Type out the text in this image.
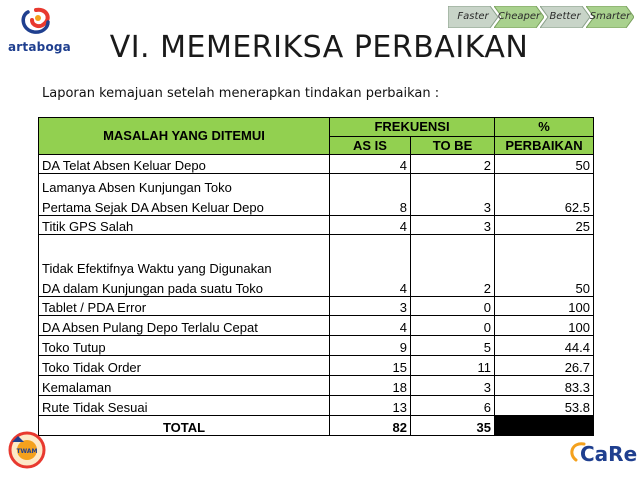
artaboga
Faster Cheaper Better Smarter
VI. MEMERIKSA PERBAIKAN
Laporan kemajuan setelah menerapkan tindakan perbaikan :
MASALAH YANG DITEMUI	FREKUENSI		%
	AS IS	TO BE	PERBAIKAN

DA Telat Absen Keluar Depo	4	2	50

Lamanya Absen Kunjungan Toko
Pertama Sejak DA Absen Keluar Depo	8	3	62.5

Titik GPS Salah	4	3	25

Tidak Efektifnya Waktu yang Digunakan
DA dalam Kunjungan pada suatu Toko	4	2	50

Tablet / PDA Error	3	0	100

DA Absen Pulang Depo Terlalu Cepat	4	0	100

Toko Tutup	9	5	44.4

Toko Tidak Order	15	11	26.7

Kemalaman	18	3	83.3

Rute Tidak Sesuai	13	6	53.8
TOTAL	82	35	
TWAM	CaRe
